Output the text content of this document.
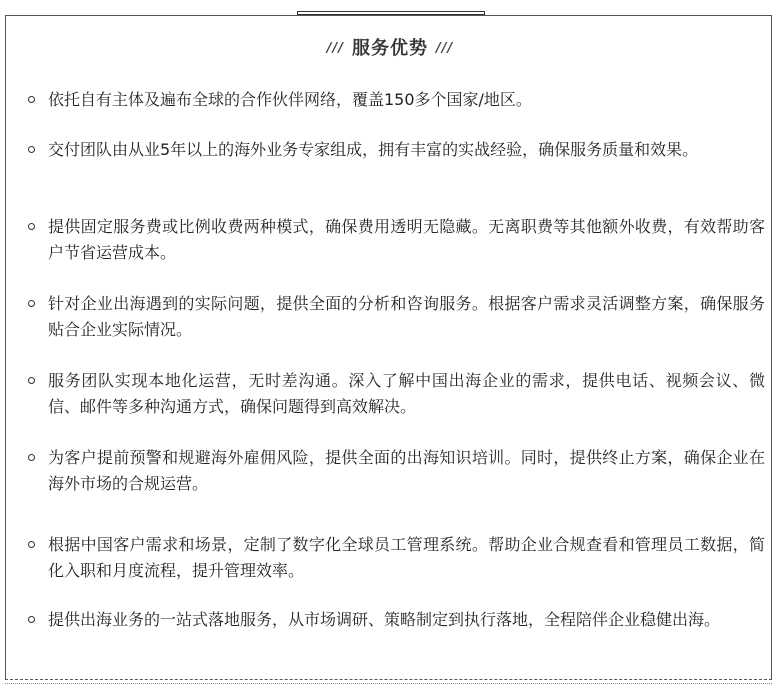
/// 服务优势 ///
依托自有主体及遍布全球的合作伙伴网络，覆盖150多个国家/地区。
交付团队由从业5年以上的海外业务专家组成，拥有丰富的实战经验，确保服务质量和效果。
提供固定服务费或比例收费两种模式，确保费用透明无隐藏。无离职费等其他额外收费，有效帮助客户节省运营成本。
针对企业出海遇到的实际问题，提供全面的分析和咨询服务。根据客户需求灵活调整方案，确保服务贴合企业实际情况。
服务团队实现本地化运营，无时差沟通。深入了解中国出海企业的需求，提供电话、视频会议、微信、邮件等多种沟通方式，确保问题得到高效解决。
为客户提前预警和规避海外雇佣风险，提供全面的出海知识培训。同时，提供终止方案，确保企业在海外市场的合规运营。
根据中国客户需求和场景，定制了数字化全球员工管理系统。帮助企业合规查看和管理员工数据，简化入职和月度流程，提升管理效率。
提供出海业务的一站式落地服务，从市场调研、策略制定到执行落地，全程陪伴企业稳健出海。
